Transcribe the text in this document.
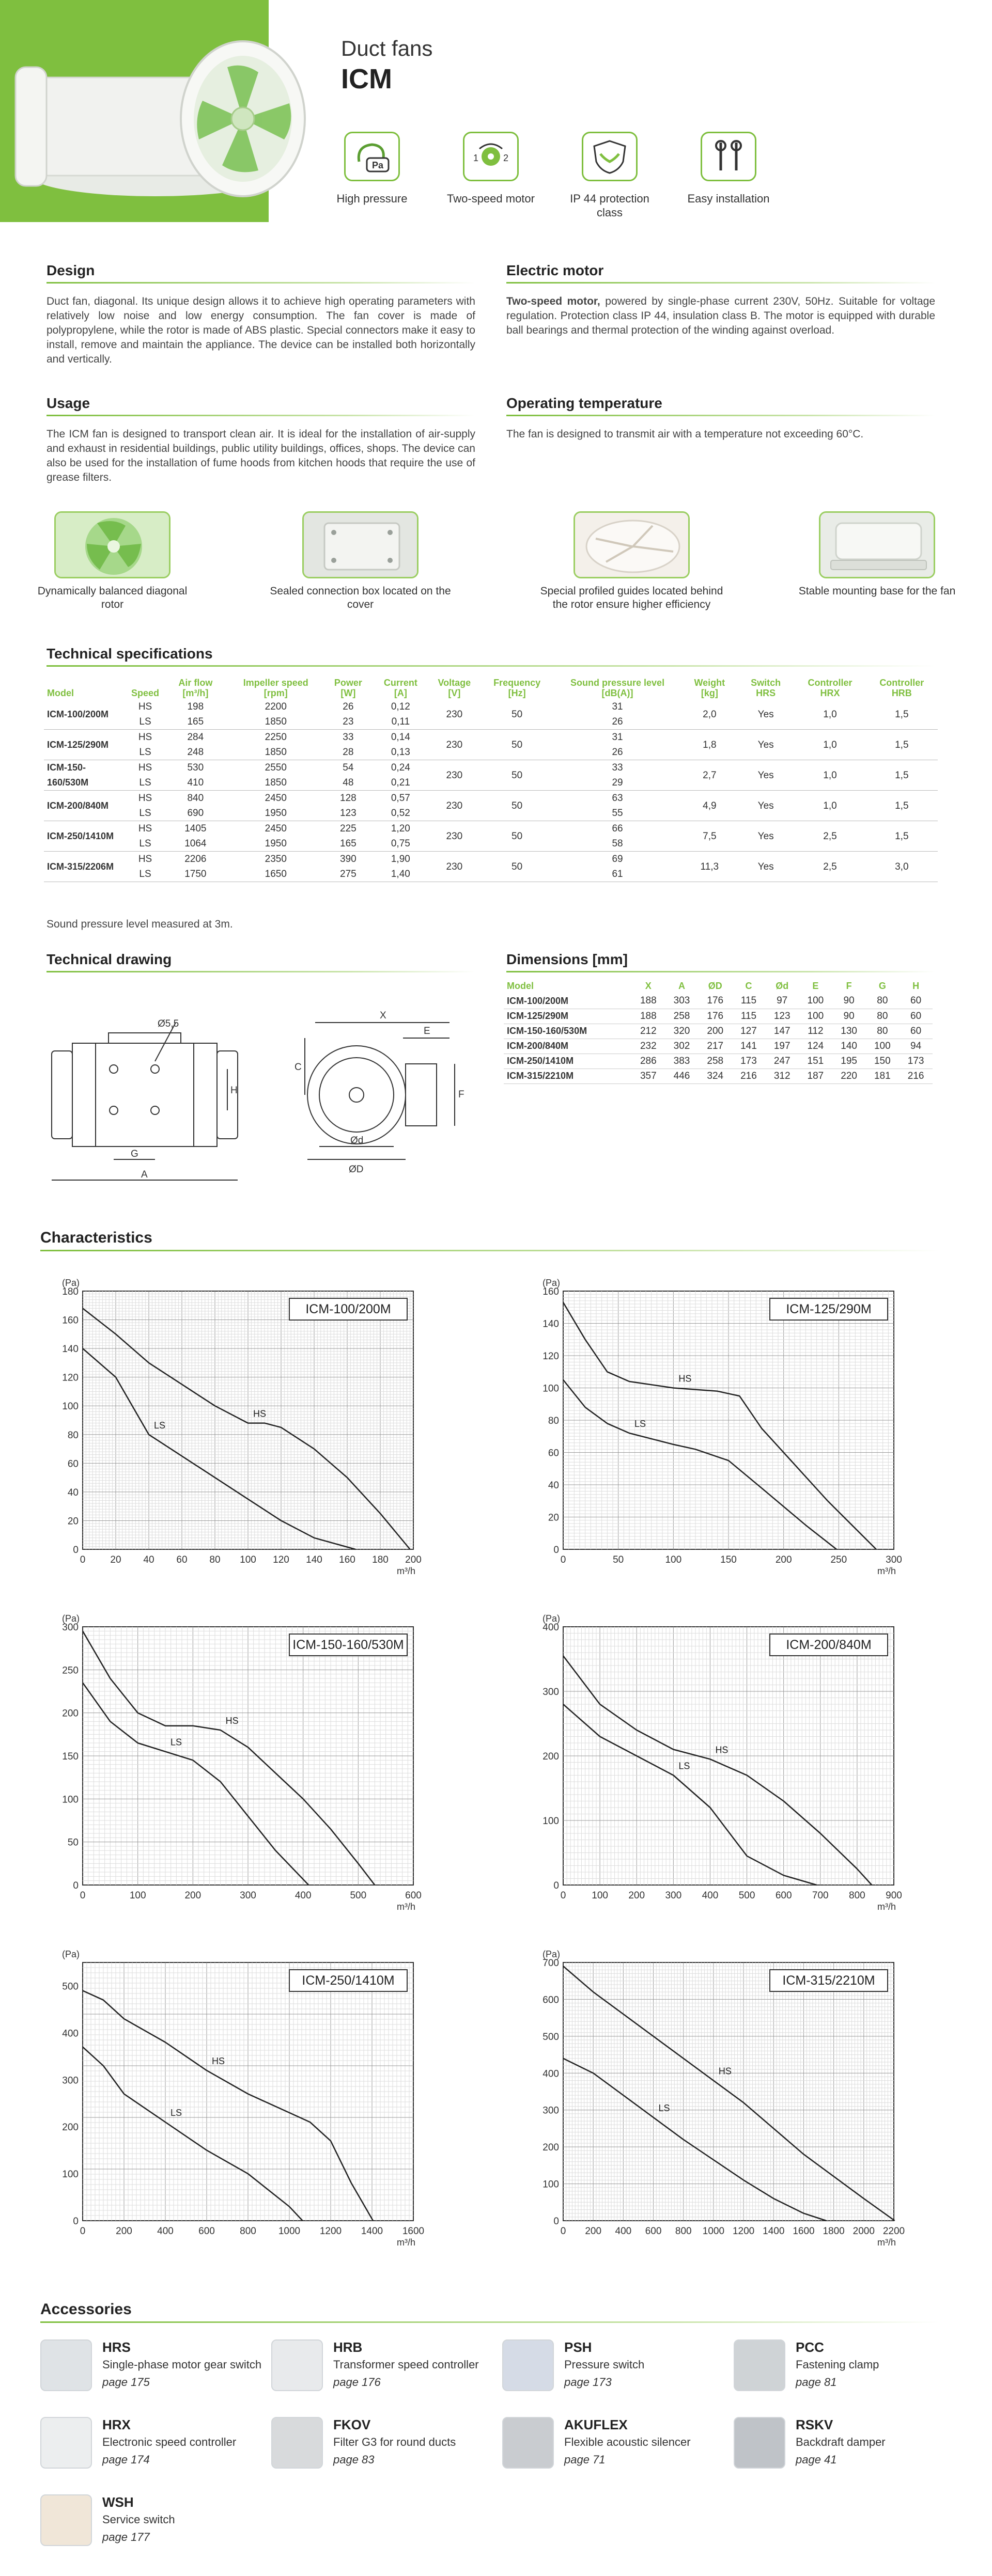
Duct fans
ICM
Pa
High pressure
1	2
Two-speed motor	IP 44 protection class
Easy installation
Design
Duct fan, diagonal. Its unique design allows it to achieve high operating parameters with relatively low noise and low energy consumption. The fan cover is made of polypropylene, while the rotor is made of ABS plastic. Special connectors make it easy to install, remove and maintain the appliance. The device can be installed both horizontally and vertically.
Electric motor
Two-speed motor, powered by single-phase current 230V, 50Hz. Suitable for voltage regulation. Protection class IP 44, insulation class B. The motor is equipped with durable ball bearings and thermal protection of the winding against overload.
Usage
The ICM fan is designed to transport clean air. It is ideal for the installation of air-supply and exhaust in residential buildings, public utility buildings, offices, shops. The device can also be used for the installation of fume hoods from kitchen hoods that require the use of grease filters.
Operating temperature
The fan is designed to transmit air with a temperature not exceeding 60°C.
Dynamically balanced diagonal rotor
Sealed connection box located on the cover
Special profiled guides located behind the rotor ensure higher efficiency
Stable mounting base for the fan
Technical specifications
Model	Speed	Air flow [m³/h]	Impeller speed [rpm]	Power [W]	Current [A]	Voltage [V]	Frequency [Hz]	Sound pressure level [dB(A)]	Weight [kg]	Switch HRS	Controller HRX	Controller HRB
ICM-100/200M	HS	198	2200	26	0,12	230	50	31	2,0	Yes	1,0	1,5
	LS	165	1850	23	0,11			26				
ICM-125/290M	HS	284	2250	33	0,14	230	50	31	1,8	Yes	1,0	1,5
	LS	248	1850	28	0,13			26				
ICM-150-160/530M	HS	530	2550	54	0,24	230	50	33	2,7	Yes	1,0	1,5
	LS	410	1850	48	0,21			29				
ICM-200/840M	HS	840	2450	128	0,57	230	50	63	4,9	Yes	1,0	1,5
	LS	690	1950	123	0,52			55				
ICM-250/1410M	HS	1405	2450	225	1,20	230	50	66	7,5	Yes	2,5	1,5
	LS	1064	1950	165	0,75			58				
ICM-315/2206M	HS	2206	2350	390	1,90	230	50	69	11,3	Yes	2,5	3,0
	LS	1750	1650	275	1,40			61				
Sound pressure level measured at 3m.
Technical drawing
Ø5,5
H
G
A
X
E
C
F
Ød
ØD
Dimensions [mm]
Model	X	A	ØD	C	Ød	E	F	G	H
ICM-100/200M	188	303	176	115	97	100	90	80	60
ICM-125/290M	188	258	176	115	123	100	90	80	60
ICM-150-160/530M	212	320	200	127	147	112	130	80	60
ICM-200/840M	232	302	217	141	197	124	140	100	94
ICM-250/1410M	286	383	258	173	247	151	195	150	173
ICM-315/2210M	357	446	324	216	312	187	220	181	216
Characteristics
0	20 40 60 80 100 120 140 160 180 200
0
20
40
60
80
100
120
140
160
180
(Pa)
m³/h
ICM-100/200M
HS
LS
0	50	100	150	200	250	300
0
20
40
60
80
100
120
140
160
(Pa)
m³/h
ICM-125/290M
HS
LS
0	100	200	300	400	500	600
0
50
100
150
200
250
300
(Pa)
m³/h
ICM-150-160/530M
HS
LS
0	100 200 300 400 500 600 700 800 900
0
100
200
300
400
(Pa)
m³/h
ICM-200/840M
HS
LS
0	200	400	600	800 1000 1200 1400 1600
0
100
200
300
400
500
(Pa)
m³/h
ICM-250/1410M
HS
LS
0 200 400 600 800 1000 1200 1400 1600 1800 2000 2200
0
100
200
300
400
500
600
700
(Pa)
m³/h
ICM-315/2210M
HS
LS
Accessories
HRS
Single-phase motor gear switch
page 175
HRB
Transformer speed controller
page 176
PSH
Pressure switch
page 173
PCC
Fastening clamp
page 81
HRX
Electronic speed controller
page 174
FKOV
Filter G3 for round ducts
page 83
AKUFLEX
Flexible acoustic silencer
page 71
RSKV
Backdraft damper
page 41
WSH
Service switch
page 177
